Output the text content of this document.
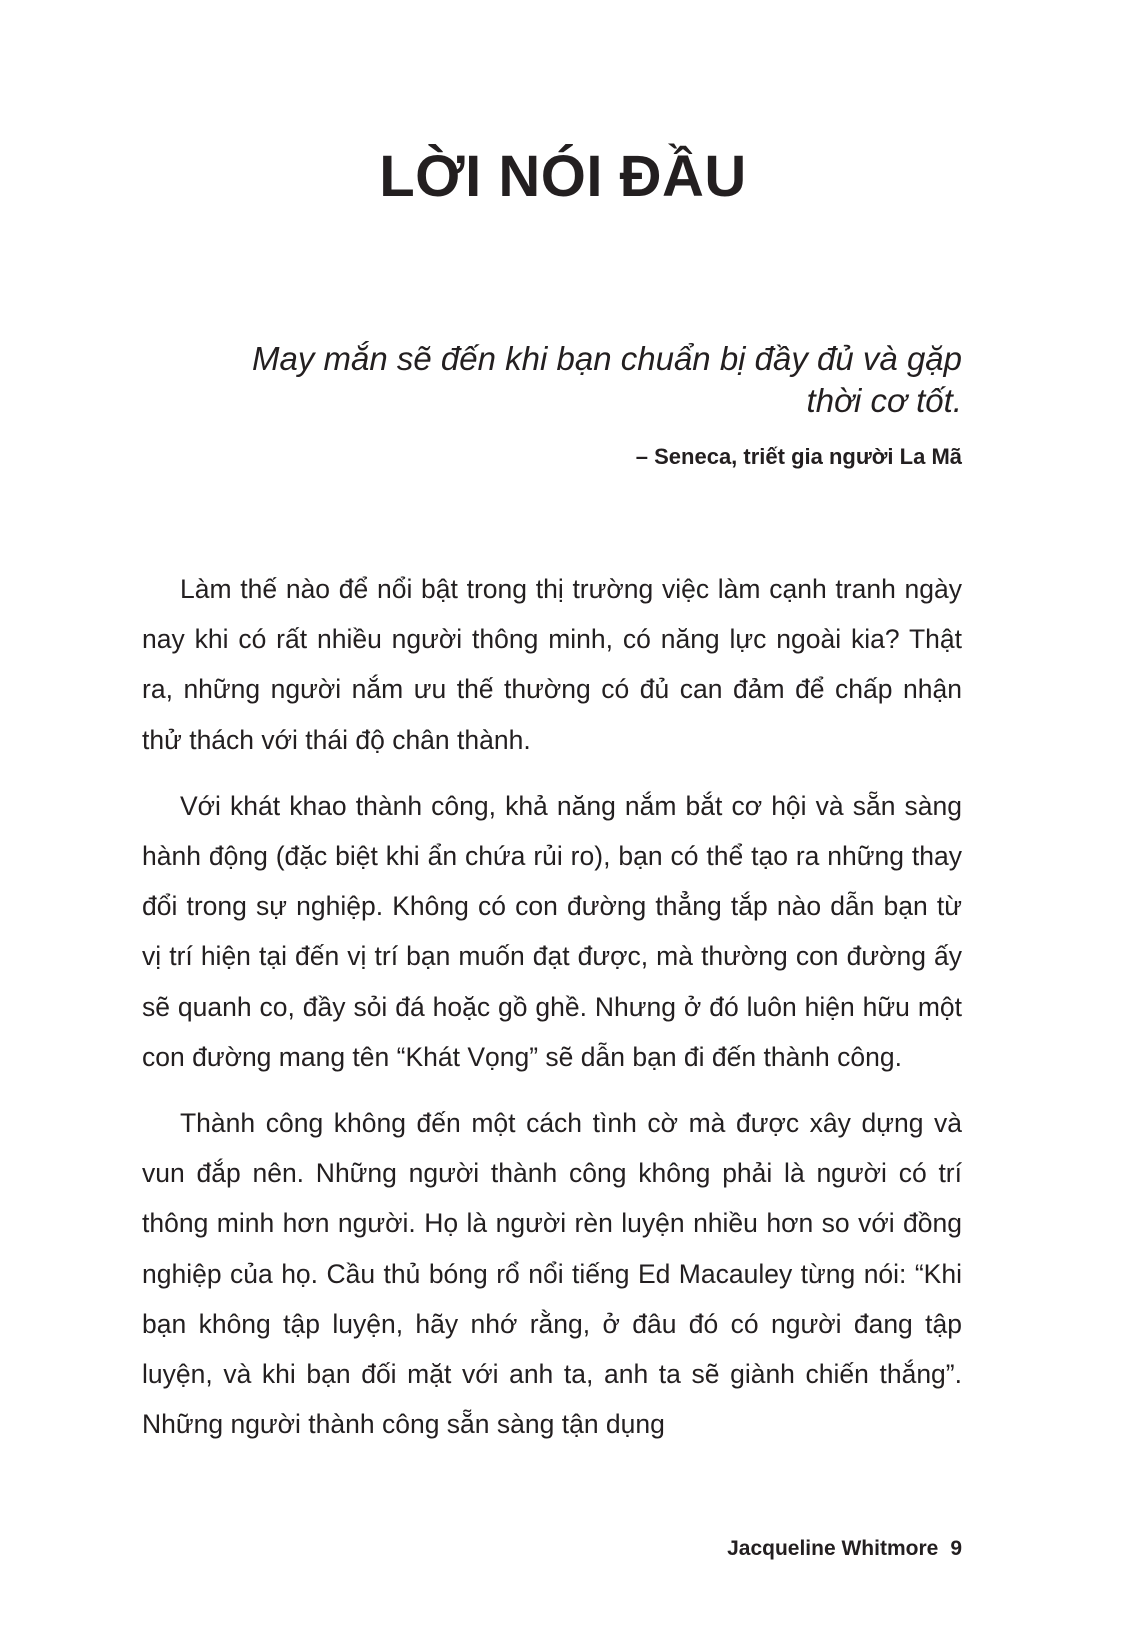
LỜI NÓI ĐẦU

May mắn sẽ đến khi bạn chuẩn bị đầy đủ và gặp thời cơ tốt.

– Seneca, triết gia người La Mã

Làm thế nào để nổi bật trong thị trường việc làm cạnh tranh ngày nay khi có rất nhiều người thông minh, có năng lực ngoài kia? Thật ra, những người nắm ưu thế thường có đủ can đảm để chấp nhận thử thách với thái độ chân thành.

Với khát khao thành công, khả năng nắm bắt cơ hội và sẵn sàng hành động (đặc biệt khi ẩn chứa rủi ro), bạn có thể tạo ra những thay đổi trong sự nghiệp. Không có con đường thẳng tắp nào dẫn bạn từ vị trí hiện tại đến vị trí bạn muốn đạt được, mà thường con đường ấy sẽ quanh co, đầy sỏi đá hoặc gồ ghề. Nhưng ở đó luôn hiện hữu một con đường mang tên “Khát Vọng” sẽ dẫn bạn đi đến thành công.

Thành công không đến một cách tình cờ mà được xây dựng và vun đắp nên. Những người thành công không phải là người có trí thông minh hơn người. Họ là người rèn luyện nhiều hơn so với đồng nghiệp của họ. Cầu thủ bóng rổ nổi tiếng Ed Macauley từng nói: “Khi bạn không tập luyện, hãy nhớ rằng, ở đâu đó có người đang tập luyện, và khi bạn đối mặt với anh ta, anh ta sẽ giành chiến thắng”. Những người thành công sẵn sàng tận dụng

Jacqueline Whitmore 9
